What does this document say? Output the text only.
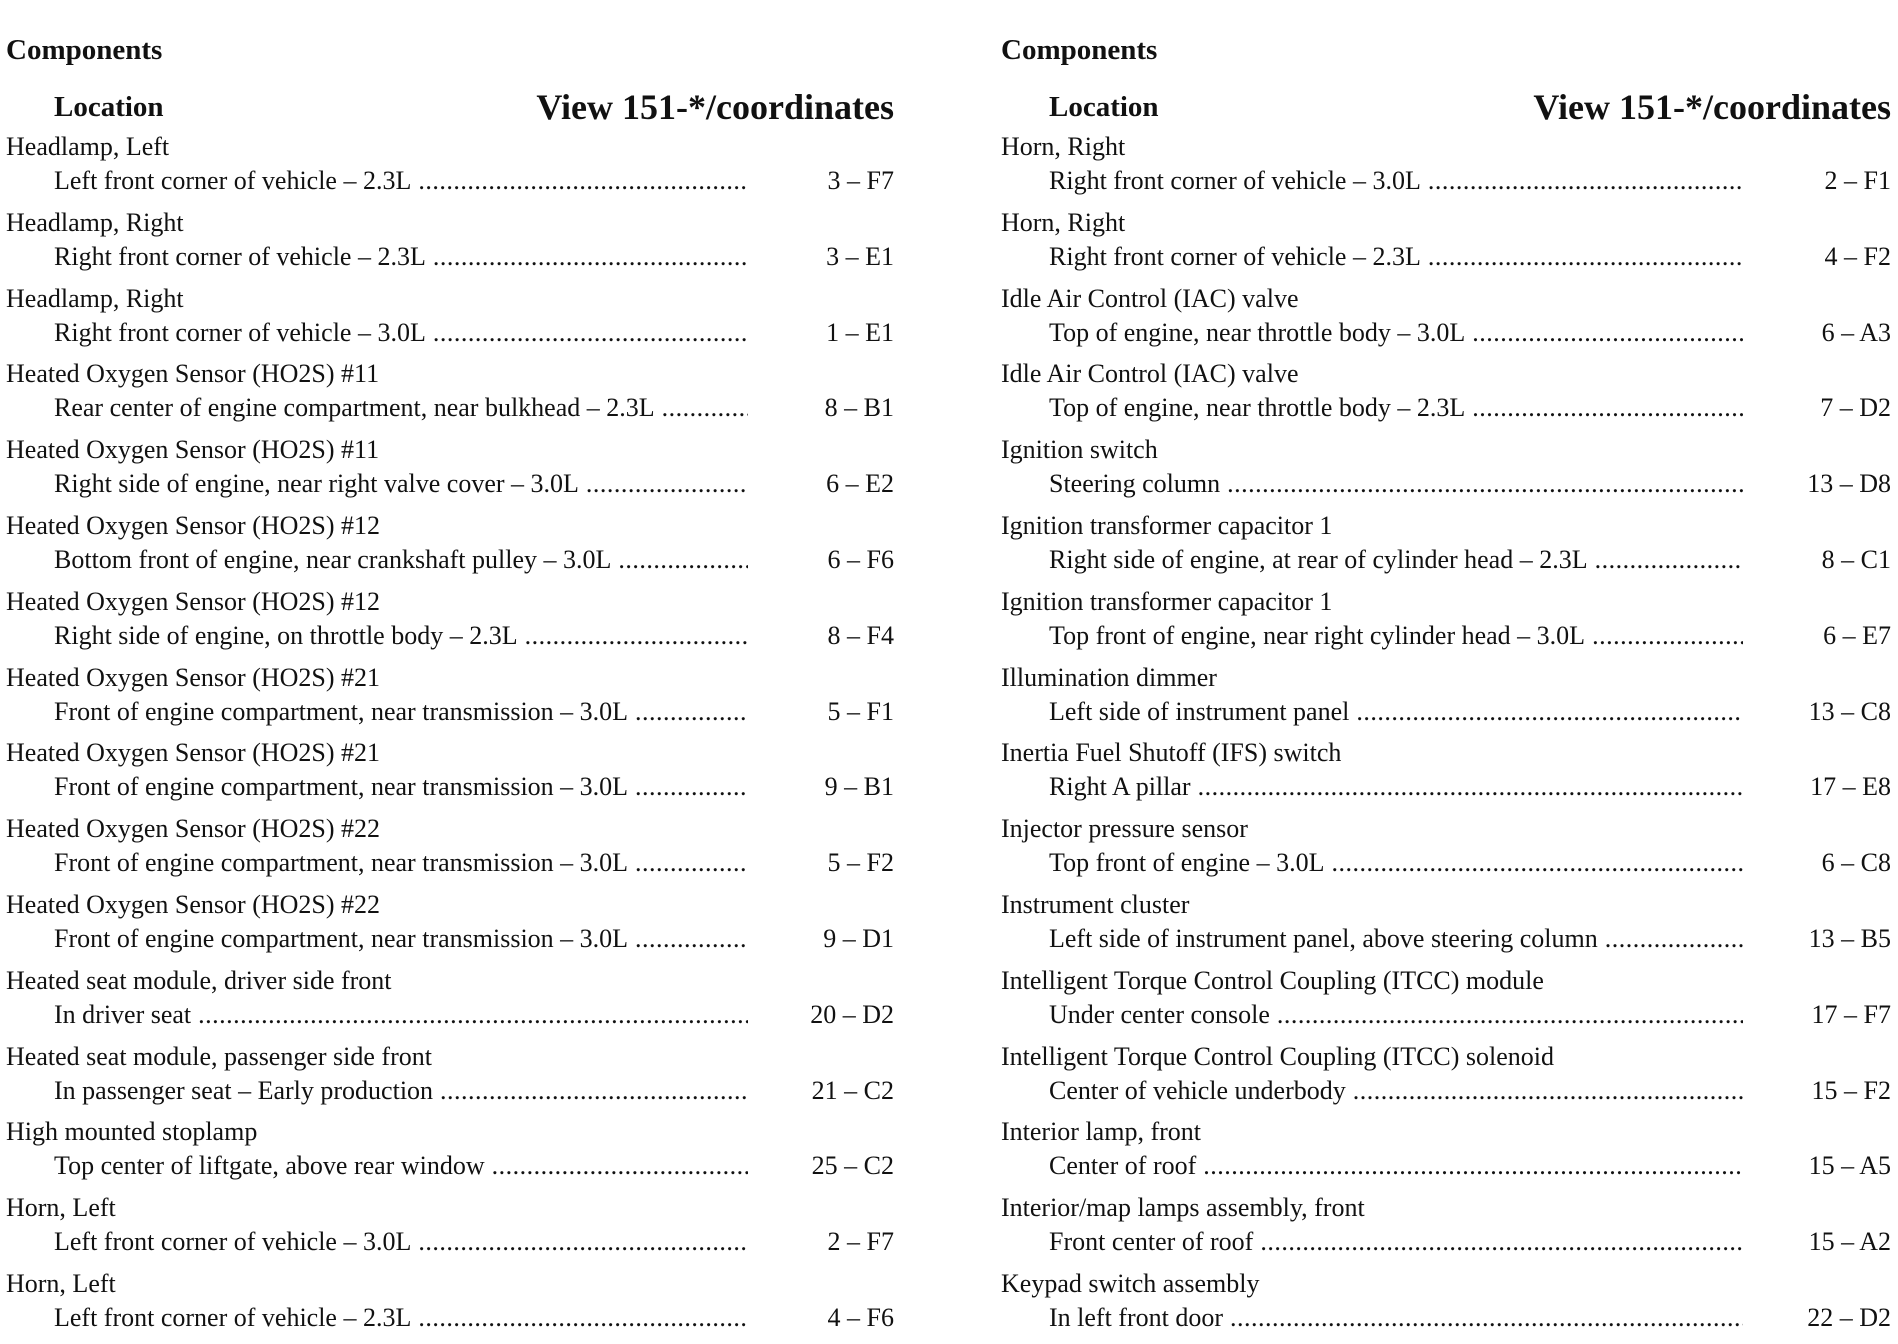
Components
Location	View 151-*/coordinates
Headlamp, Left
Left front corner of vehicle – 2.3L .....	3 – F7
Headlamp, Right
Right front corner of vehicle – 2.3L .....	3 – E1
Headlamp, Right
Right front corner of vehicle – 3.0L .....	1 – E1
Heated Oxygen Sensor (HO2S) #11
Rear center of engine compartment, near bulkhead – 2.3L .....	8 – B1
Heated Oxygen Sensor (HO2S) #11
Right side of engine, near right valve cover – 3.0L .....	6 – E2
Heated Oxygen Sensor (HO2S) #12
Bottom front of engine, near crankshaft pulley – 3.0L .....	6 – F6
Heated Oxygen Sensor (HO2S) #12
Right side of engine, on throttle body – 2.3L .....	8 – F4
Heated Oxygen Sensor (HO2S) #21
Front of engine compartment, near transmission – 3.0L .....	5 – F1
Heated Oxygen Sensor (HO2S) #21
Front of engine compartment, near transmission – 3.0L .....	9 – B1
Heated Oxygen Sensor (HO2S) #22
Front of engine compartment, near transmission – 3.0L .....	5 – F2
Heated Oxygen Sensor (HO2S) #22
Front of engine compartment, near transmission – 3.0L .....	9 – D1
Heated seat module, driver side front
In driver seat .....	20 – D2
Heated seat module, passenger side front
In passenger seat – Early production .....	21 – C2
High mounted stoplamp
Top center of liftgate, above rear window .....	25 – C2
Horn, Left
Left front corner of vehicle – 3.0L .....	2 – F7
Horn, Left
Left front corner of vehicle – 2.3L .....	4 – F6
Components
Location	View 151-*/coordinates
Horn, Right
Right front corner of vehicle – 3.0L .....	2 – F1
Horn, Right
Right front corner of vehicle – 2.3L .....	4 – F2
Idle Air Control (IAC) valve
Top of engine, near throttle body – 3.0L .....	6 – A3
Idle Air Control (IAC) valve
Top of engine, near throttle body – 2.3L .....	7 – D2
Ignition switch
Steering column .....	13 – D8
Ignition transformer capacitor 1
Right side of engine, at rear of cylinder head – 2.3L .....	8 – C1
Ignition transformer capacitor 1
Top front of engine, near right cylinder head – 3.0L .....	6 – E7
Illumination dimmer
Left side of instrument panel .....	13 – C8
Inertia Fuel Shutoff (IFS) switch
Right A pillar .....	17 – E8
Injector pressure sensor
Top front of engine – 3.0L .....	6 – C8
Instrument cluster
Left side of instrument panel, above steering column .....	13 – B5
Intelligent Torque Control Coupling (ITCC) module
Under center console .....	17 – F7
Intelligent Torque Control Coupling (ITCC) solenoid
Center of vehicle underbody .....	15 – F2
Interior lamp, front
Center of roof .....	15 – A5
Interior/map lamps assembly, front
Front center of roof .....	15 – A2
Keypad switch assembly
In left front door .....	22 – D2
